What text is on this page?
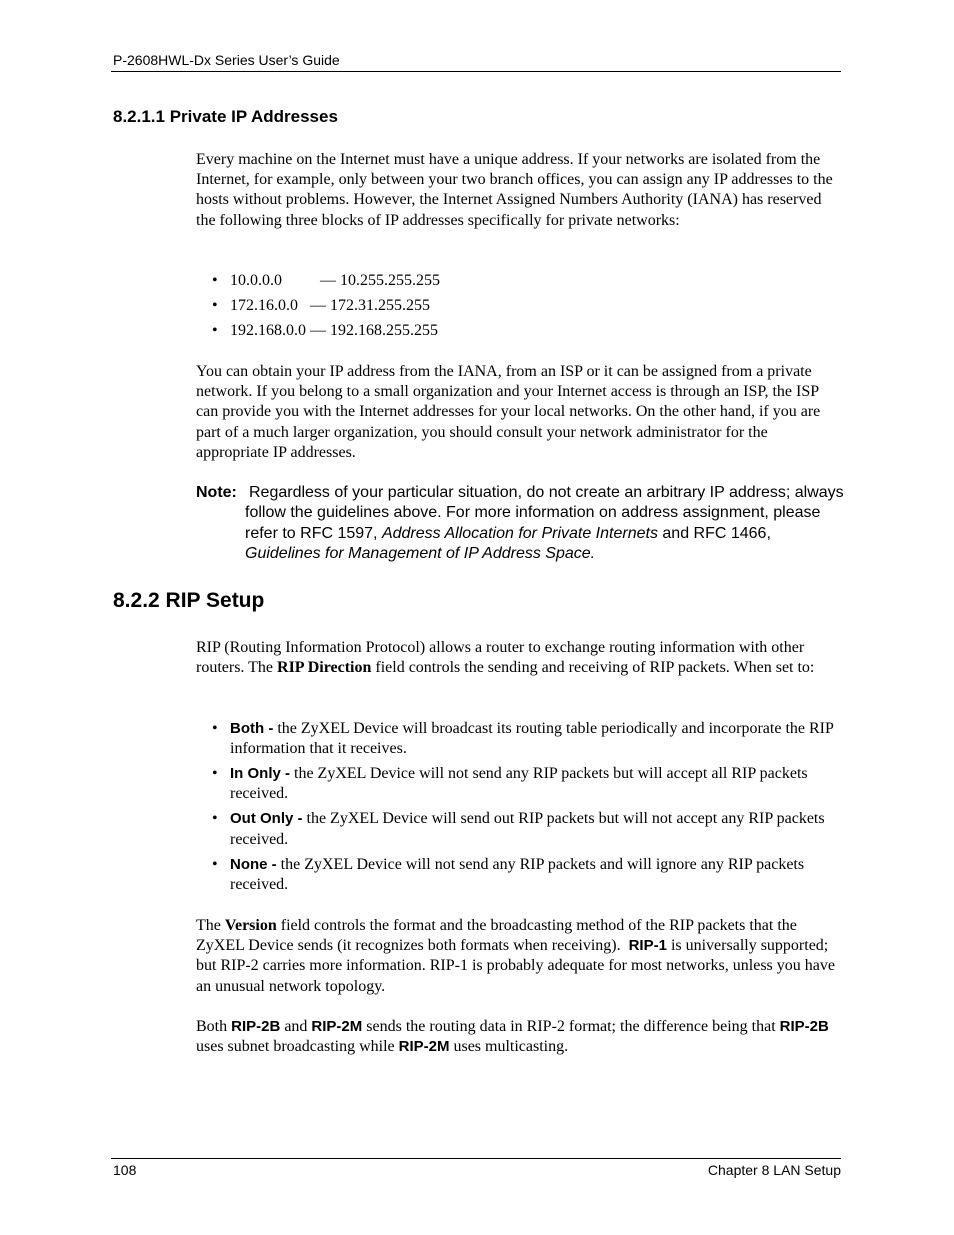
P-2608HWL-Dx Series User’s Guide
8.2.1.1 Private IP Addresses

Every machine on the Internet must have a unique address. If your networks are isolated from the Internet, for example, only between your two branch offices, you can assign any IP addresses to the hosts without problems. However, the Internet Assigned Numbers Authority (IANA) has reserved the following three blocks of IP addresses specifically for private networks:

• 10.0.0.0 — 10.255.255.255
• 172.16.0.0 — 172.31.255.255
• 192.168.0.0 — 192.168.255.255

You can obtain your IP address from the IANA, from an ISP or it can be assigned from a private network. If you belong to a small organization and your Internet access is through an ISP, the ISP can provide you with the Internet addresses for your local networks. On the other hand, if you are part of a much larger organization, you should consult your network administrator for the appropriate IP addresses.

Note: Regardless of your particular situation, do not create an arbitrary IP address; always follow the guidelines above. For more information on address assignment, please refer to RFC 1597, Address Allocation for Private Internets and RFC 1466, Guidelines for Management of IP Address Space.
8.2.2 RIP Setup

RIP (Routing Information Protocol) allows a router to exchange routing information with other routers. The RIP Direction field controls the sending and receiving of RIP packets. When set to:

• Both - the ZyXEL Device will broadcast its routing table periodically and incorporate the RIP information that it receives.
• In Only - the ZyXEL Device will not send any RIP packets but will accept all RIP packets received.
• Out Only - the ZyXEL Device will send out RIP packets but will not accept any RIP packets received.
• None - the ZyXEL Device will not send any RIP packets and will ignore any RIP packets received.

The Version field controls the format and the broadcasting method of the RIP packets that the ZyXEL Device sends (it recognizes both formats when receiving). RIP-1 is universally supported; but RIP-2 carries more information. RIP-1 is probably adequate for most networks, unless you have an unusual network topology.

Both RIP-2B and RIP-2M sends the routing data in RIP-2 format; the difference being that RIP-2B uses subnet broadcasting while RIP-2M uses multicasting.

108	Chapter 8 LAN Setup
